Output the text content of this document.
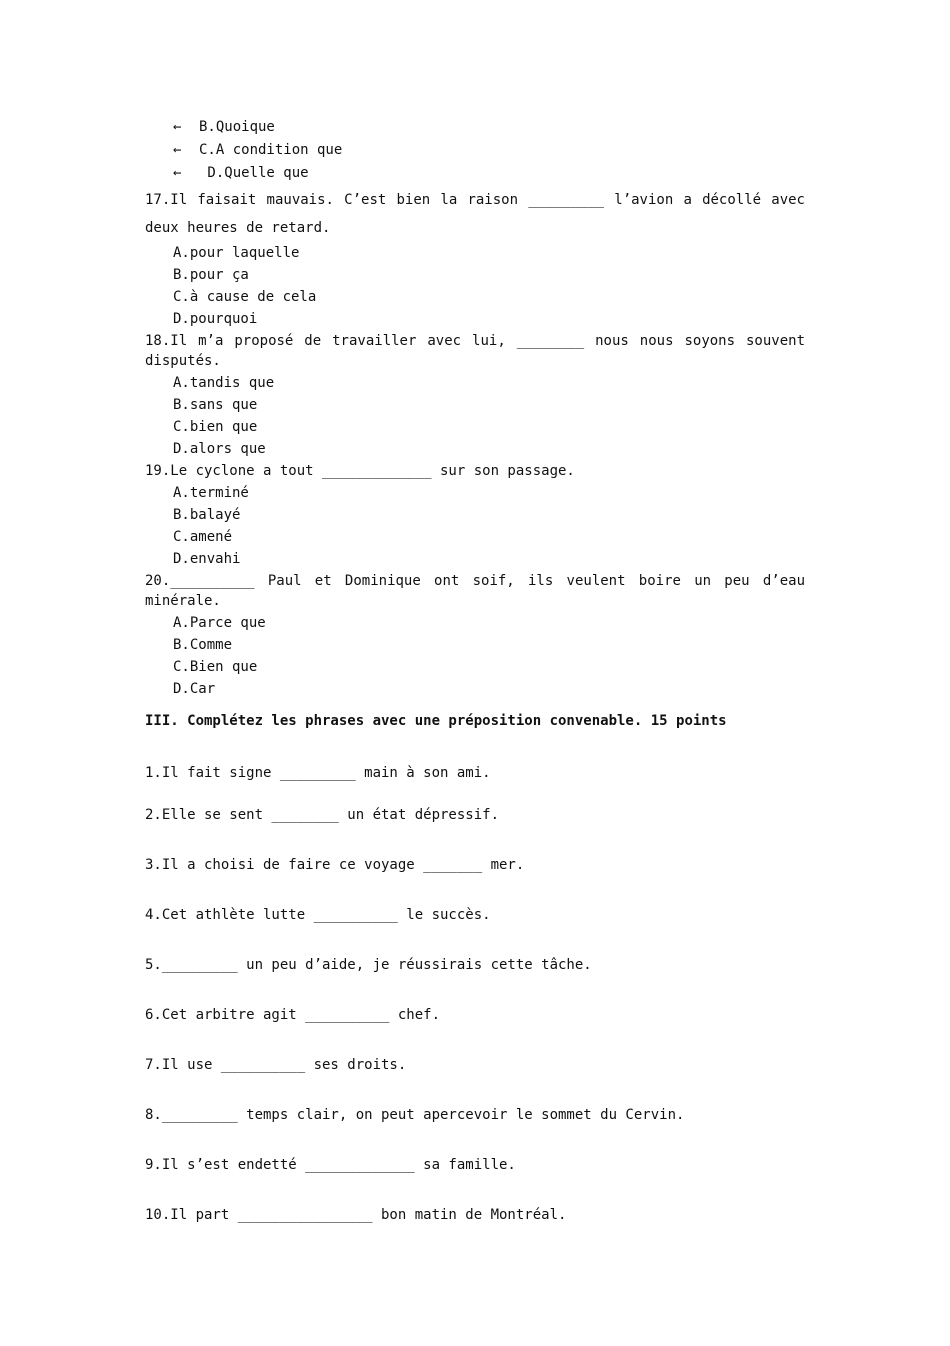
← B.Quoique
← C.A condition que
← D.Quelle que
17.Il faisait mauvais. C’est bien la raison _________ l’avion a décollé avec
deux heures de retard.
A.pour laquelle
B.pour ça
C.à cause de cela
D.pourquoi
18.Il m’a proposé de travailler avec lui, ________ nous nous soyons souvent
disputés.
A.tandis que
B.sans que
C.bien que
D.alors que
19.Le cyclone a tout _____________ sur son passage.
A.terminé
B.balayé
C.amené
D.envahi
20.__________ Paul et Dominique ont soif, ils veulent boire un peu d’eau
minérale.
A.Parce que
B.Comme
C.Bien que
D.Car
III. Complétez les phrases avec une préposition convenable. 15 points
1.Il fait signe _________ main à son ami.
2.Elle se sent ________ un état dépressif.
3.Il a choisi de faire ce voyage _______ mer.
4.Cet athlète lutte __________ le succès.
5._________ un peu d’aide, je réussirais cette tâche.
6.Cet arbitre agit __________ chef.
7.Il use __________ ses droits.
8._________ temps clair, on peut apercevoir le sommet du Cervin.
9.Il s’est endetté _____________ sa famille.
10.Il part ________________ bon matin de Montréal.
